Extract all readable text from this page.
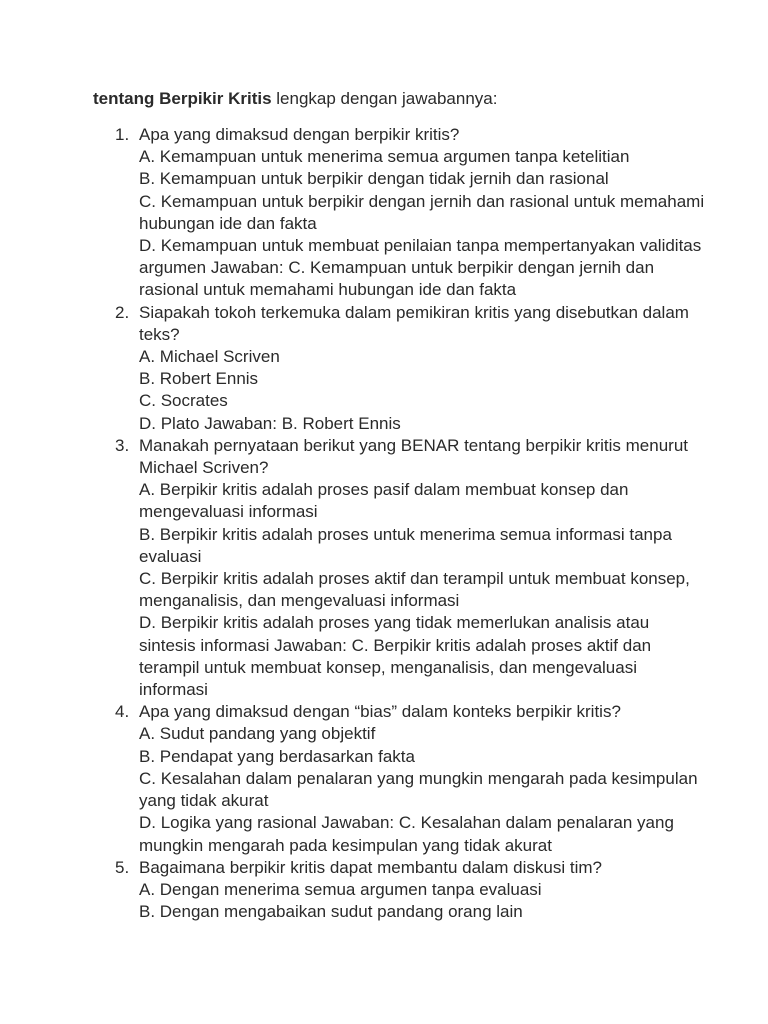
tentang Berpikir Kritis lengkap dengan jawabannya:

1. Apa yang dimaksud dengan berpikir kritis?
A. Kemampuan untuk menerima semua argumen tanpa ketelitian
B. Kemampuan untuk berpikir dengan tidak jernih dan rasional
C. Kemampuan untuk berpikir dengan jernih dan rasional untuk memahami hubungan ide dan fakta
D. Kemampuan untuk membuat penilaian tanpa mempertanyakan validitas argumen Jawaban: C. Kemampuan untuk berpikir dengan jernih dan rasional untuk memahami hubungan ide dan fakta
2. Siapakah tokoh terkemuka dalam pemikiran kritis yang disebutkan dalam teks?
A. Michael Scriven
B. Robert Ennis
C. Socrates
D. Plato Jawaban: B. Robert Ennis
3. Manakah pernyataan berikut yang BENAR tentang berpikir kritis menurut Michael Scriven?
A. Berpikir kritis adalah proses pasif dalam membuat konsep dan mengevaluasi informasi
B. Berpikir kritis adalah proses untuk menerima semua informasi tanpa evaluasi
C. Berpikir kritis adalah proses aktif dan terampil untuk membuat konsep, menganalisis, dan mengevaluasi informasi
D. Berpikir kritis adalah proses yang tidak memerlukan analisis atau sintesis informasi Jawaban: C. Berpikir kritis adalah proses aktif dan terampil untuk membuat konsep, menganalisis, dan mengevaluasi informasi
4. Apa yang dimaksud dengan “bias” dalam konteks berpikir kritis?
A. Sudut pandang yang objektif
B. Pendapat yang berdasarkan fakta
C. Kesalahan dalam penalaran yang mungkin mengarah pada kesimpulan yang tidak akurat
D. Logika yang rasional Jawaban: C. Kesalahan dalam penalaran yang mungkin mengarah pada kesimpulan yang tidak akurat
5. Bagaimana berpikir kritis dapat membantu dalam diskusi tim?
A. Dengan menerima semua argumen tanpa evaluasi
B. Dengan mengabaikan sudut pandang orang lain
